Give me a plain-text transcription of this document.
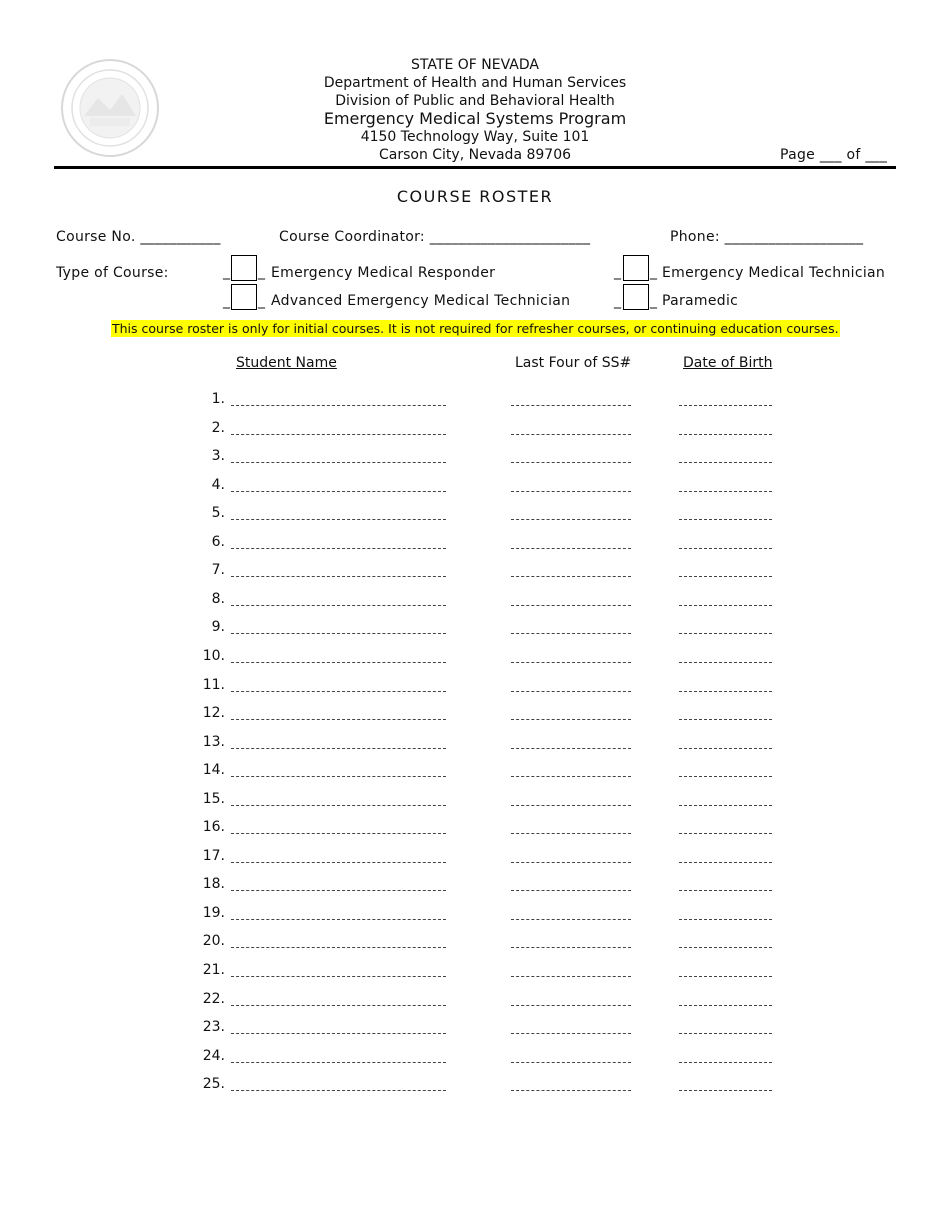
STATE OF NEVADA
Department of Health and Human Services
Division of Public and Behavioral Health
Emergency Medical Systems Program
4150 Technology Way, Suite 101
Carson City, Nevada 89706	Page ___ of ___
COURSE ROSTER
Course No. ___________	Course Coordinator: ______________________	Phone: ___________________
Type of Course:	_ _ Emergency Medical Responder	_ _ Emergency Medical Technician
_ _ Advanced Emergency Medical Technician	_ _ Paramedic
This course roster is only for initial courses. It is not required for refresher courses, or continuing education courses.
Student Name	Last Four of SS#	Date of Birth
1.
2.
3.
4.
5.
6.
7.
8.
9.
10.
11.
12.
13.
14.
15.
16.
17.
18.
19.
20.
21.
22.
23.
24.
25.
